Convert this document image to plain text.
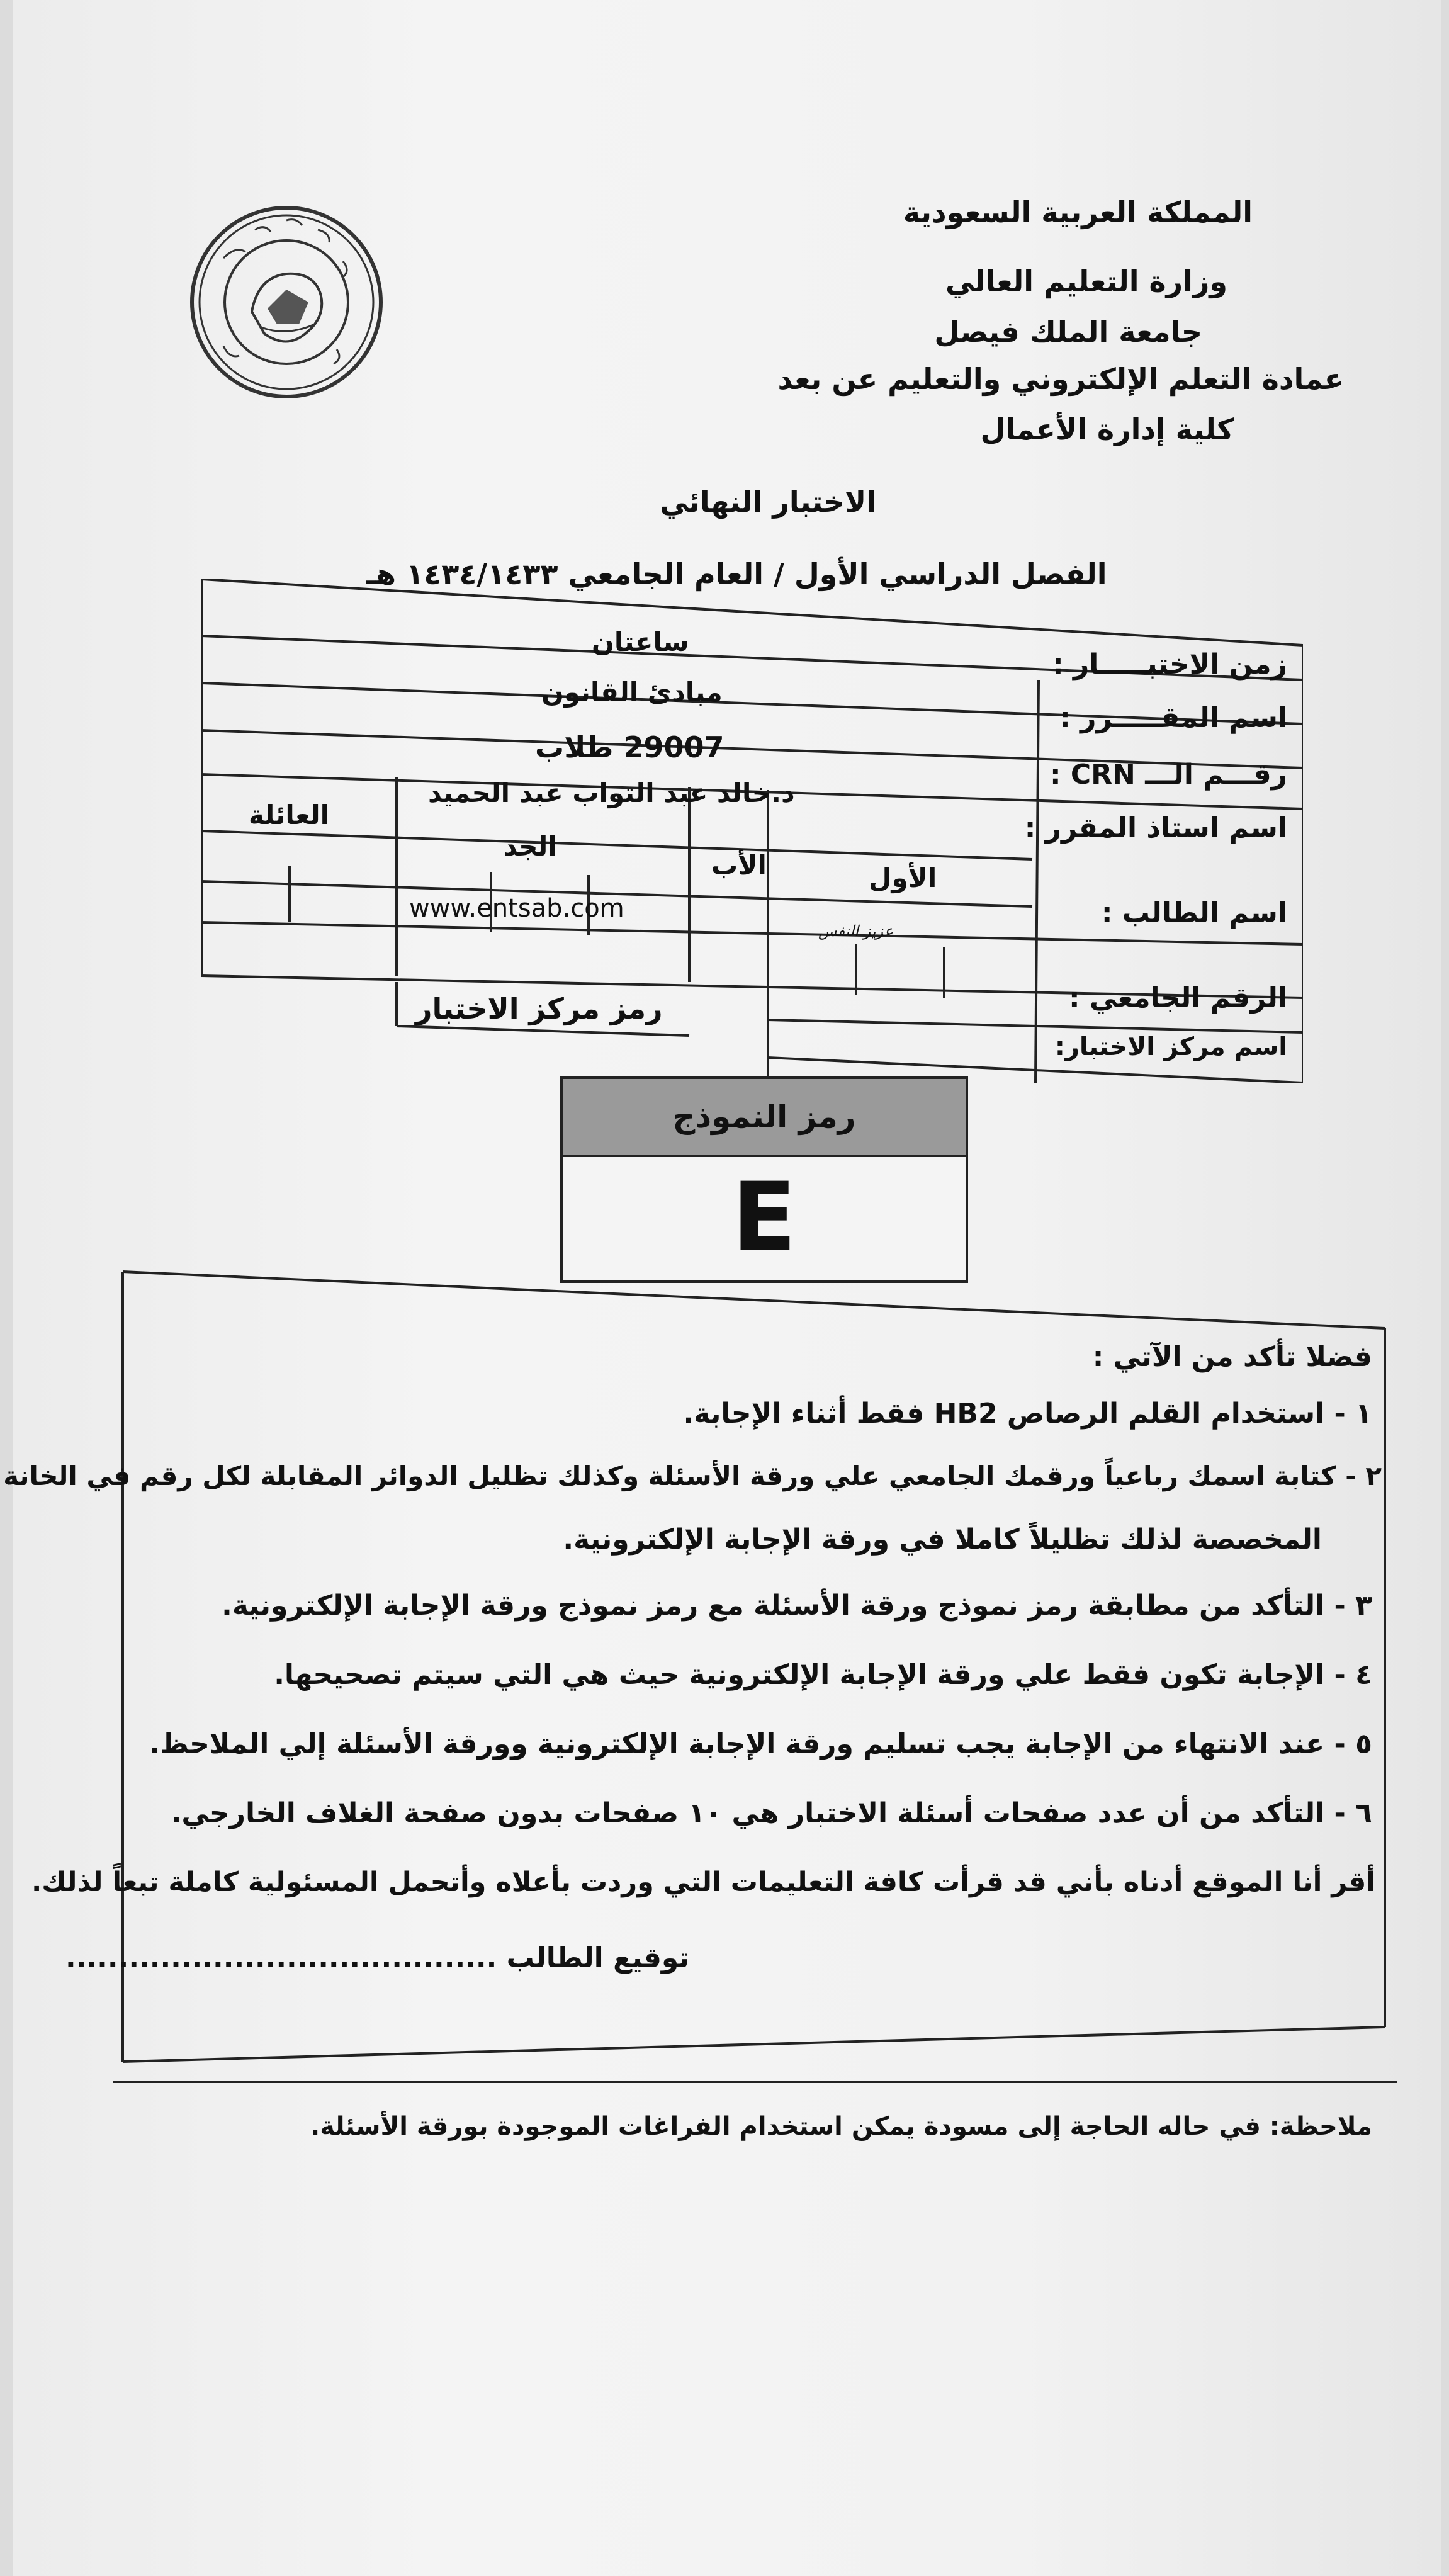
المملكة العربية السعودية
وزارة التعليم العالي
جامعة الملك فيصل
عمادة التعلم الإلكتروني والتعليم عن بعد
كلية إدارة الأعمال
الاختبار النهائي
الفصل الدراسي الأول / العام الجامعي ١٤٣٤/١٤٣٣ هـ
زمن الاختبـــــار :
ساعتان
اسم المقـــــرر :
مبادئ القانون
رقـــم الـــ CRN :
29007 طلاب
اسم استاذ المقرر :
د.خالد عبد التواب عبد الحميد
العائلة
الجد
الأب	الأول
اسم الطالب :
www.entsab.com
عزيز النفس
الرقم الجامعي :
رمز مركز الاختبار
اسم مركز الاختبار:
رمز النموذج
E
فضلا تأكد من الآتي :
١ - استخدام القلم الرصاص HB2 فقط أثناء الإجابة.
٢ - كتابة اسمك رباعياً ورقمك الجامعي علي ورقة الأسئلة وكذلك تظليل الدوائر المقابلة لكل رقم في الخانة
المخصصة لذلك تظليلاً كاملا في ورقة الإجابة الإلكترونية.
٣ - التأكد من مطابقة رمز نموذج ورقة الأسئلة مع رمز نموذج ورقة الإجابة الإلكترونية.
٤ - الإجابة تكون فقط علي ورقة الإجابة الإلكترونية حيث هي التي سيتم تصحيحها.
٥ - عند الانتهاء من الإجابة يجب تسليم ورقة الإجابة الإلكترونية وورقة الأسئلة إلي الملاحظ.
٦ - التأكد من أن عدد صفحات أسئلة الاختبار هي ١٠ صفحات بدون صفحة الغلاف الخارجي.
أقر أنا الموقع أدناه بأني قد قرأت كافة التعليمات التي وردت بأعلاه وأتحمل المسئولية كاملة تبعاً لذلك.
توقيع الطالب .........................................
ملاحظة: في حاله الحاجة إلى مسودة يمكن استخدام الفراغات الموجودة بورقة الأسئلة.
